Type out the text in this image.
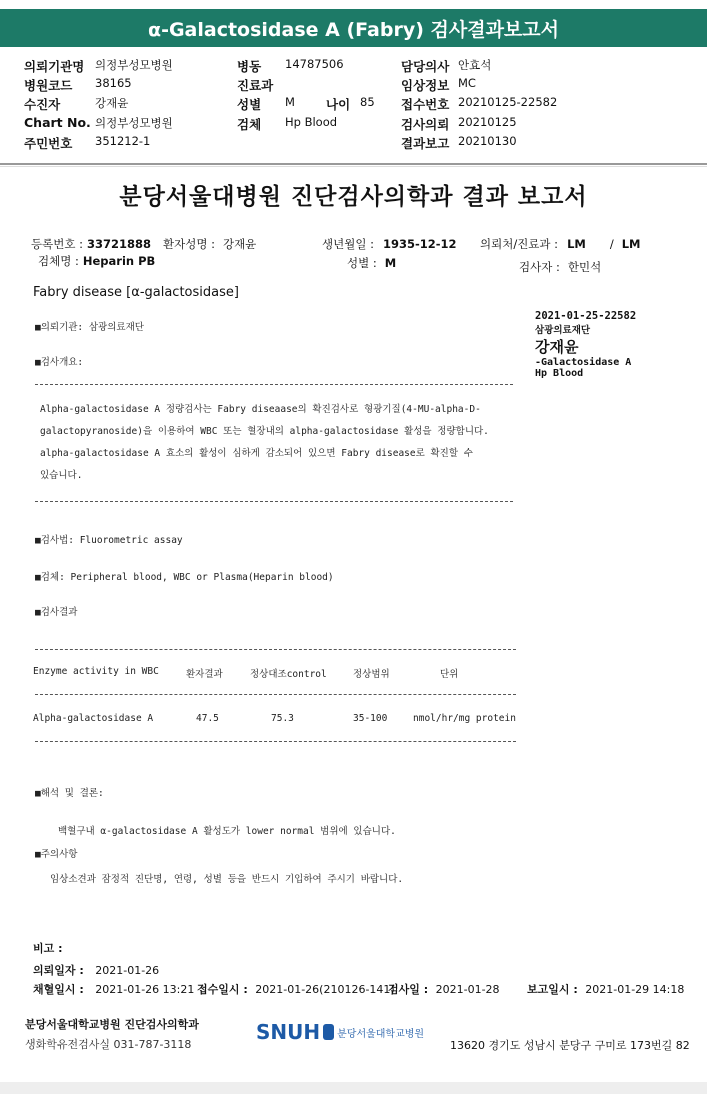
α-Galactosidase A (Fabry) 검사결과보고서
의뢰기관명 의정부성모병원
병원코드 38165
수진자	강재윤
Chart No. 의정부성모병원
주민번호 351212-1
병동 14787506
진료과
성별 M
검체 Hp Blood
나이 85
담당의사 안효석
임상정보 MC
접수번호 20210125-22582
검사의뢰 20210125
결과보고 20210130
분당서울대병원 진단검사의학과 결과 보고서
등록번호 : 33721888 환자성명 : 강재윤	생년월일 : 1935-12-12 의뢰처/진료과 : LM / LM
검체명 : Heparin PB	성별 : M	검사자 : 한민석
Fabry disease [α-galactosidase]
2021-01-25-22582
삼광의료재단
강재윤
-Galactosidase A
Hp Blood
■의뢰기관: 삼광의료재단
■검사개요:
Alpha-galactosidase A 정량검사는 Fabry diseaase의 확진검사로 형광기질(4-MU-alpha-D-
galactopyranoside)을 이용하여 WBC 또는 혈장내의 alpha-galactosidase 활성을 정량합니다.
alpha-galactosidase A 효소의 활성이 심하게 감소되어 있으면 Fabry disease로 확진할 수
있습니다.
■검사법: Fluorometric assay
■검체: Peripheral blood, WBC or Plasma(Heparin blood)
■검사결과
Enzyme activity in WBC	환자결과	정상대조control	정상범위	단위
Alpha-galactosidase A	47.5	75.3	35-100	nmol/hr/mg protein
■해석 및 결론:
백혈구내 α-galactosidase A 활성도가 lower normal 범위에 있습니다.
■주의사항
임상소견과 잠정적 진단명, 연령, 성별 등을 반드시 기입하여 주시기 바랍니다.
비고 :
의뢰일자 : 2021-01-26
채혈일시 : 2021-01-26 13:21 접수일시 : 2021-01-26(210126-141)
검사일 : 2021-01-28 보고일시 : 2021-01-29 14:18
분당서울대학교병원 진단검사의학과
생화학유전검사실 031-787-3118
SNUH 분당서울대학교병원
13620 경기도 성남시 분당구 구미로 173번길 82
